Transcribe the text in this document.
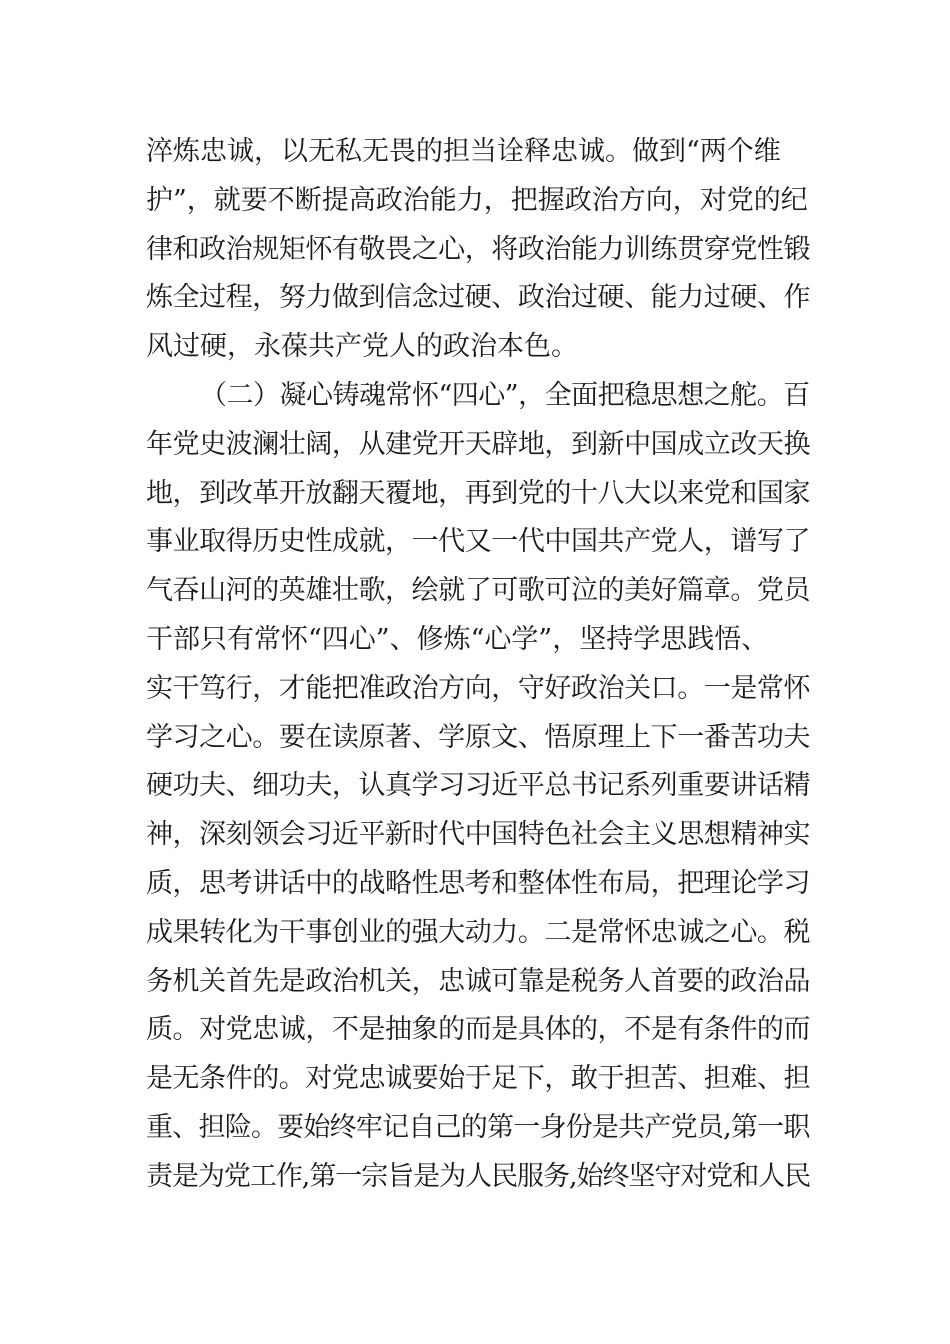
淬炼忠诚，以无私无畏的担当诠释忠诚。做到“两个维
护”，就要不断提高政治能力，把握政治方向，对党的纪
律和政治规矩怀有敬畏之心，将政治能力训练贯穿党性锻
炼全过程，努力做到信念过硬、政治过硬、能力过硬、作
风过硬，永葆共产党人的政治本色。
（二）凝心铸魂常怀“四心”，全面把稳思想之舵。百
年党史波澜壮阔，从建党开天辟地，到新中国成立改天换
地，到改革开放翻天覆地，再到党的十八大以来党和国家
事业取得历史性成就，一代又一代中国共产党人，谱写了
气吞山河的英雄壮歌，绘就了可歌可泣的美好篇章。党员
干部只有常怀“四心”、修炼“心学”，坚持学思践悟、
实干笃行，才能把准政治方向，守好政治关口。一是常怀
学习之心。要在读原著、学原文、悟原理上下一番苦功夫
硬功夫、细功夫，认真学习习近平总书记系列重要讲话精
神，深刻领会习近平新时代中国特色社会主义思想精神实
质，思考讲话中的战略性思考和整体性布局，把理论学习
成果转化为干事创业的强大动力。二是常怀忠诚之心。税
务机关首先是政治机关，忠诚可靠是税务人首要的政治品
质。对党忠诚，不是抽象的而是具体的，不是有条件的而
是无条件的。对党忠诚要始于足下，敢于担苦、担难、担
重、担险。要始终牢记自己的第一身份是共产党员,第一职
责是为党工作,第一宗旨是为人民服务,始终坚守对党和人民
